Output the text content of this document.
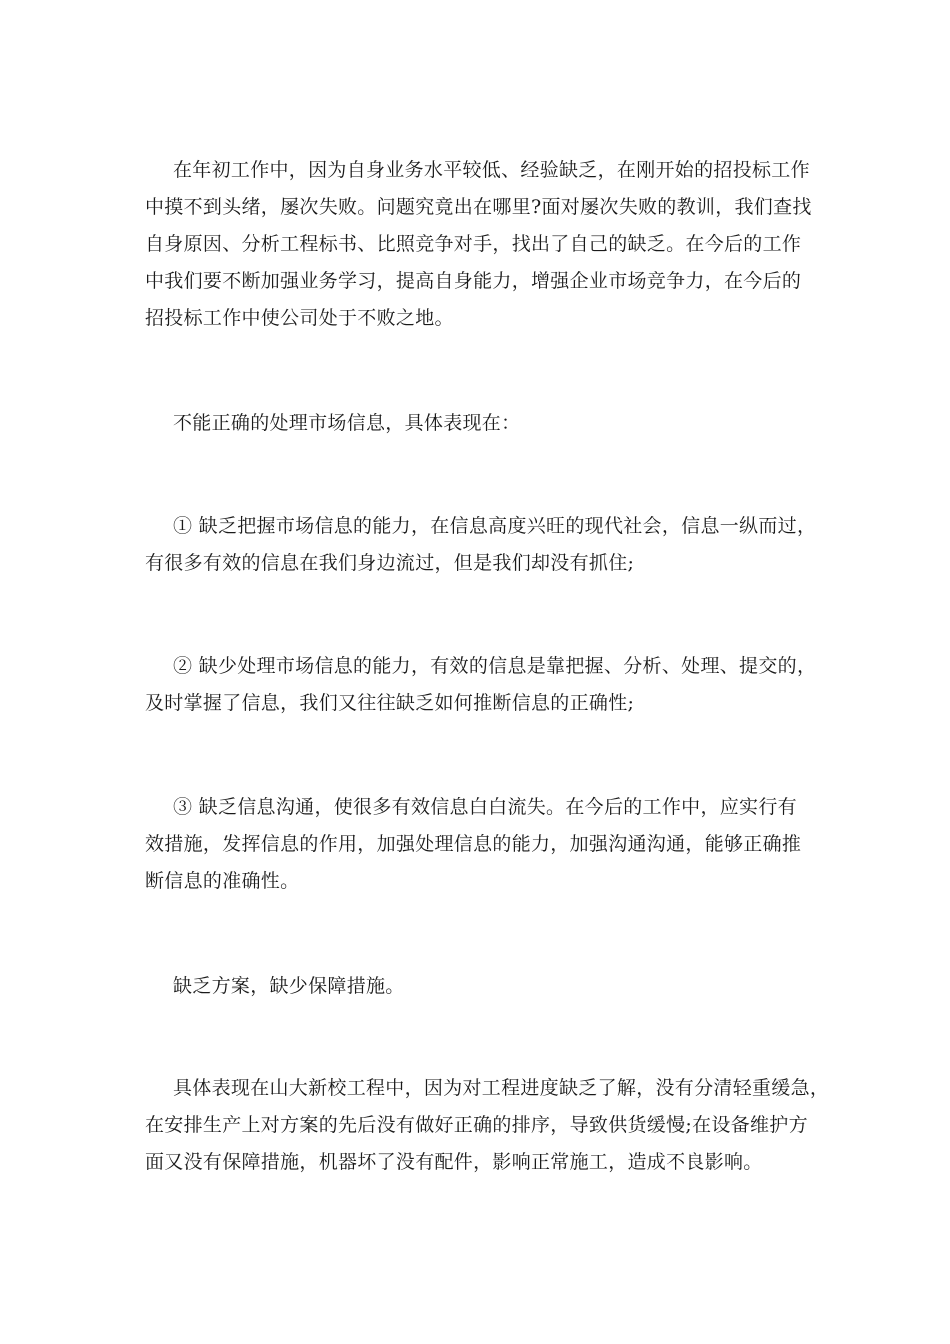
在年初工作中，因为自身业务水平较低、经验缺乏，在刚开始的招投标工作
中摸不到头绪，屡次失败。问题究竟出在哪里?面对屡次失败的教训，我们查找
自身原因、分析工程标书、比照竞争对手，找出了自己的缺乏。在今后的工作
中我们要不断加强业务学习，提高自身能力，增强企业市场竞争力，在今后的
招投标工作中使公司处于不败之地。

不能正确的处理市场信息，具体表现在：

① 缺乏把握市场信息的能力，在信息高度兴旺的现代社会，信息一纵而过，
有很多有效的信息在我们身边流过，但是我们却没有抓住;

② 缺少处理市场信息的能力，有效的信息是靠把握、分析、处理、提交的，
及时掌握了信息，我们又往往缺乏如何推断信息的正确性;

③ 缺乏信息沟通，使很多有效信息白白流失。在今后的工作中，应实行有
效措施，发挥信息的作用，加强处理信息的能力，加强沟通沟通，能够正确推
断信息的准确性。

缺乏方案，缺少保障措施。

具体表现在山大新校工程中，因为对工程进度缺乏了解，没有分清轻重缓急，
在安排生产上对方案的先后没有做好正确的排序，导致供货缓慢;在设备维护方
面又没有保障措施，机器坏了没有配件，影响正常施工，造成不良影响。
